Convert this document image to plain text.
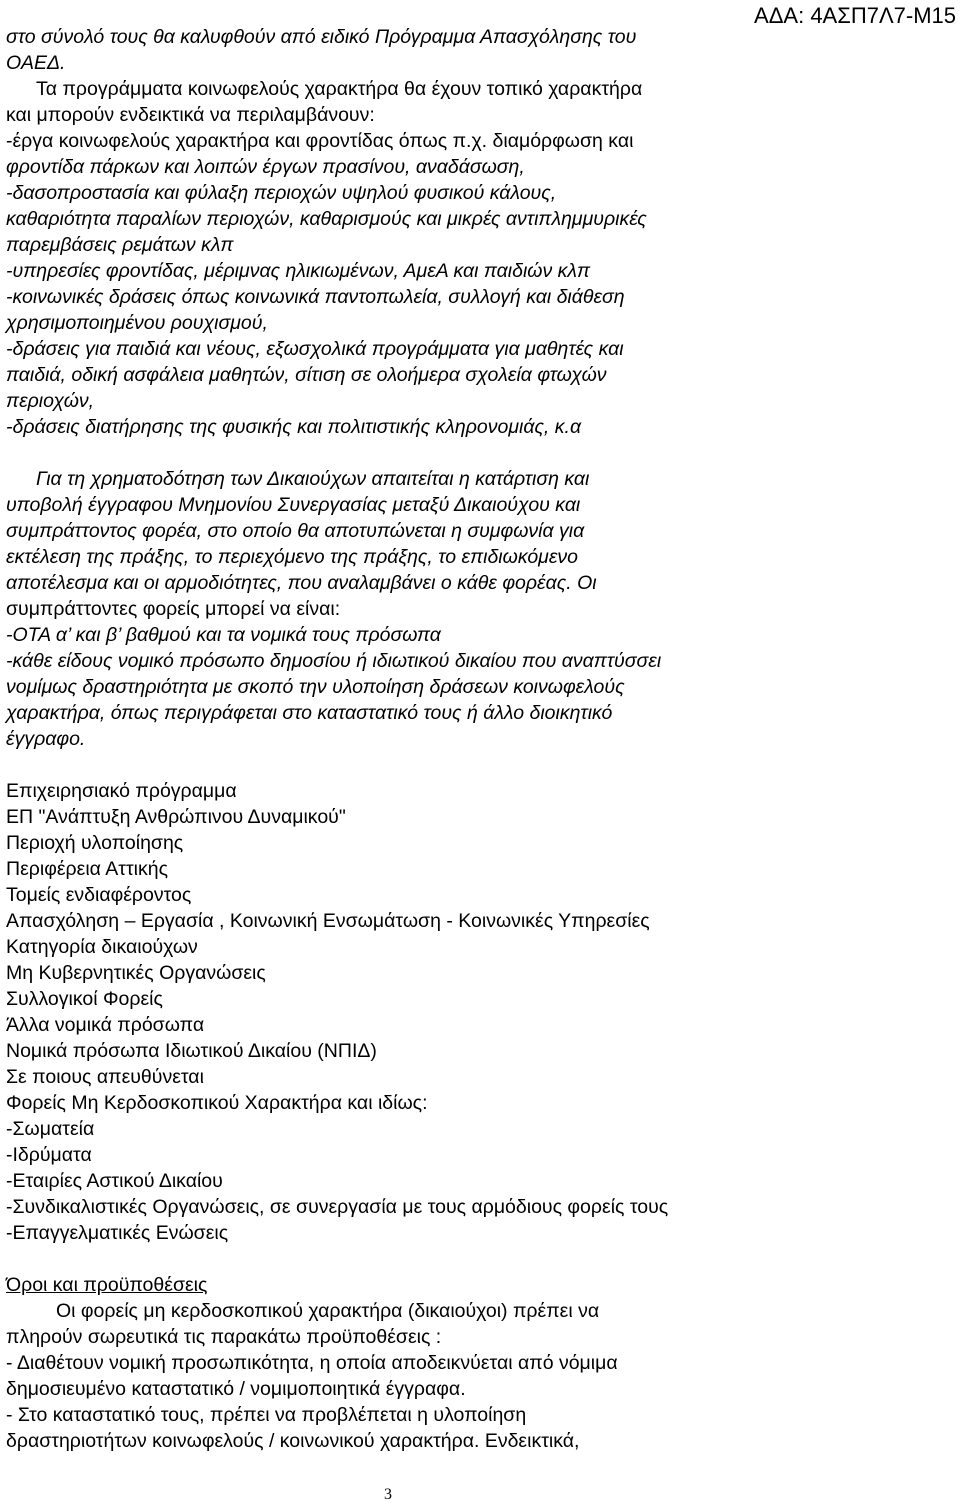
ΑΔΑ: 4ΑΣΠ7Λ7-Μ15
στο σύνολό τους θα καλυφθούν από ειδικό Πρόγραμμα Απασχόλησης του
ΟΑΕΔ.
Τα προγράμματα κοινωφελούς χαρακτήρα θα έχουν τοπικό χαρακτήρα
και μπορούν ενδεικτικά να περιλαμβάνουν:
-έργα κοινωφελούς χαρακτήρα και φροντίδας όπως π.χ. διαμόρφωση και
φροντίδα πάρκων και λοιπών έργων πρασίνου, αναδάσωση,
-δασοπροστασία και φύλαξη περιοχών υψηλού φυσικού κάλους,
καθαριότητα παραλίων περιοχών, καθαρισμούς και μικρές αντιπλημμυρικές
παρεμβάσεις ρεμάτων κλπ
-υπηρεσίες φροντίδας, μέριμνας ηλικιωμένων, ΑμεΑ και παιδιών κλπ
-κοινωνικές δράσεις όπως κοινωνικά παντοπωλεία, συλλογή και διάθεση
χρησιμοποιημένου ρουχισμού,
-δράσεις για παιδιά και νέους, εξωσχολικά προγράμματα για μαθητές και
παιδιά, οδική ασφάλεια μαθητών, σίτιση σε ολοήμερα σχολεία φτωχών
περιοχών,
-δράσεις διατήρησης της φυσικής και πολιτιστικής κληρονομιάς, κ.α
Για τη χρηματοδότηση των Δικαιούχων απαιτείται η κατάρτιση και
υποβολή έγγραφου Μνημονίου Συνεργασίας μεταξύ Δικαιούχου και
συμπράττοντος φορέα, στο οποίο θα αποτυπώνεται η συμφωνία για
εκτέλεση της πράξης, το περιεχόμενο της πράξης, το επιδιωκόμενο
αποτέλεσμα και οι αρμοδιότητες, που αναλαμβάνει ο κάθε φορέας. Οι
συμπράττοντες φορείς μπορεί να είναι:
-ΟΤΑ α’ και β’ βαθμού και τα νομικά τους πρόσωπα
-κάθε είδους νομικό πρόσωπο δημοσίου ή ιδιωτικού δικαίου που αναπτύσσει
νομίμως δραστηριότητα με σκοπό την υλοποίηση δράσεων κοινωφελούς
χαρακτήρα, όπως περιγράφεται στο καταστατικό τους ή άλλο διοικητικό
έγγραφο.
Επιχειρησιακό πρόγραμμα
ΕΠ "Ανάπτυξη Ανθρώπινου Δυναμικού"
Περιοχή υλοποίησης
Περιφέρεια Αττικής
Τομείς ενδιαφέροντος
Απασχόληση – Εργασία , Κοινωνική Ενσωμάτωση - Κοινωνικές Υπηρεσίες
Κατηγορία δικαιούχων
Μη Κυβερνητικές Οργανώσεις
Συλλογικοί Φορείς
Άλλα νομικά πρόσωπα
Νομικά πρόσωπα Ιδιωτικού Δικαίου (ΝΠΙΔ)
Σε ποιους απευθύνεται
Φορείς Μη Κερδοσκοπικού Χαρακτήρα και ιδίως:
-Σωματεία
-Ιδρύματα
-Εταιρίες Αστικού Δικαίου
-Συνδικαλιστικές Οργανώσεις, σε συνεργασία με τους αρμόδιους φορείς τους
-Επαγγελματικές Ενώσεις
Όροι και προϋποθέσεις
Οι φορείς μη κερδοσκοπικού χαρακτήρα (δικαιούχοι) πρέπει να
πληρούν σωρευτικά τις παρακάτω προϋποθέσεις :
- Διαθέτουν νομική προσωπικότητα, η οποία αποδεικνύεται από νόμιμα
δημοσιευμένο καταστατικό / νομιμοποιητικά έγγραφα.
- Στο καταστατικό τους, πρέπει να προβλέπεται η υλοποίηση
δραστηριοτήτων κοινωφελούς / κοινωνικού χαρακτήρα. Ενδεικτικά,
3
